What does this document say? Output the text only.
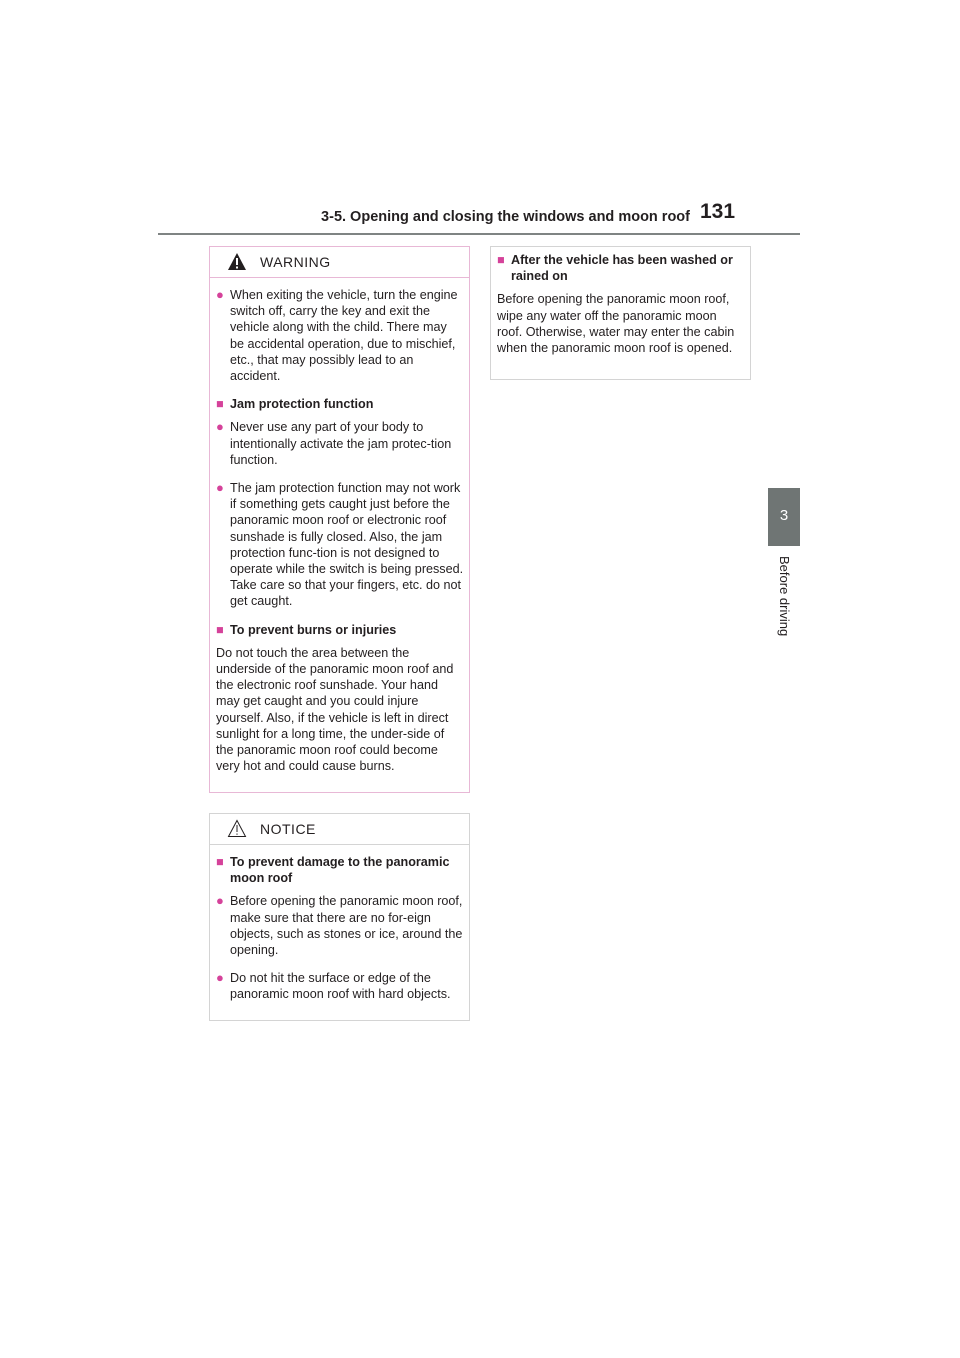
3-5. Opening and closing the windows and moon roof 131
3
Before driving
WARNING
● When exiting the vehicle, turn the engine switch off, carry the key and exit the vehicle along with the child. There may be accidental operation, due to mischief, etc., that may possibly lead to an accident.
■ Jam protection function
● Never use any part of your body to intentionally activate the jam protec-tion function.
● The jam protection function may not work if something gets caught just before the panoramic moon roof or electronic roof sunshade is fully closed. Also, the jam protection func-tion is not designed to operate while the switch is being pressed. Take care so that your fingers, etc. do not get caught.
■ To prevent burns or injuries
Do not touch the area between the underside of the panoramic moon roof and the electronic roof sunshade. Your hand may get caught and you could injure yourself. Also, if the vehicle is left in direct sunlight for a long time, the under-side of the panoramic moon roof could become very hot and could cause burns.
NOTICE
■ To prevent damage to the panoramic moon roof
● Before opening the panoramic moon roof, make sure that there are no for-eign objects, such as stones or ice, around the opening.
● Do not hit the surface or edge of the panoramic moon roof with hard objects.
■ After the vehicle has been washed or rained on
Before opening the panoramic moon roof, wipe any water off the panoramic moon roof. Otherwise, water may enter the cabin when the panoramic moon roof is opened.
